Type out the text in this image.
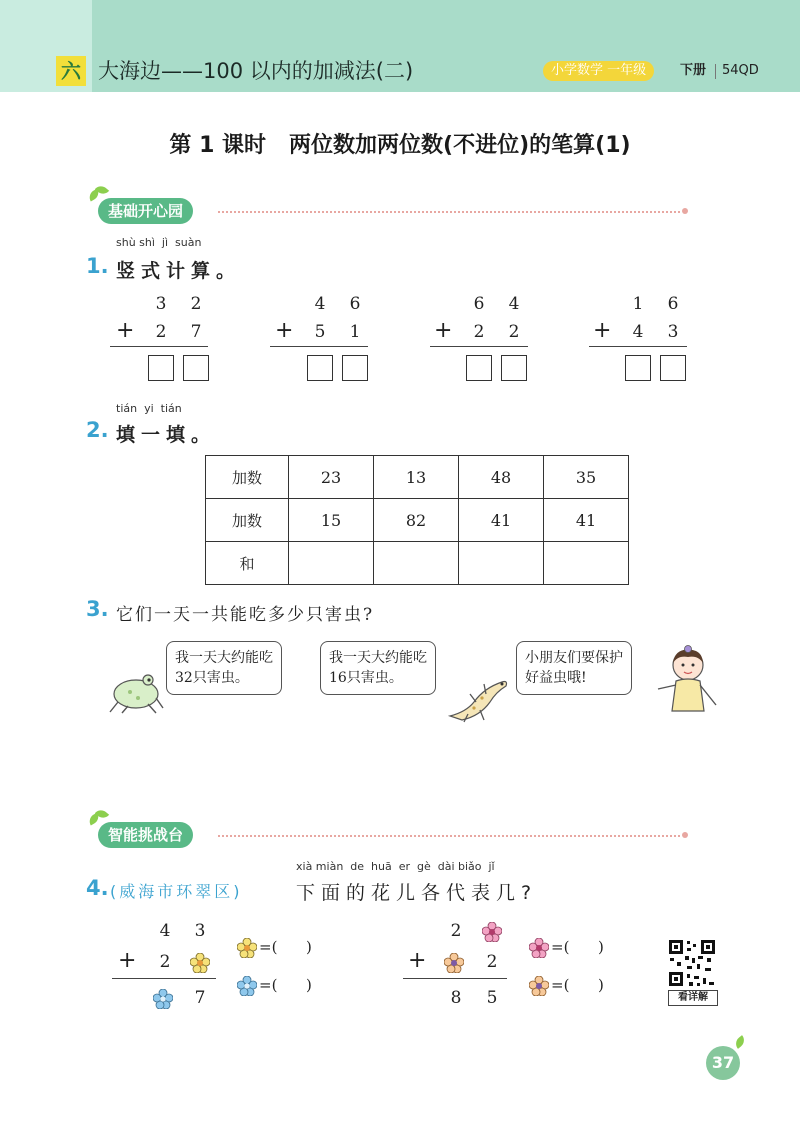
六 大海边——100 以内的加减法(二)	小学数学 一年级	下册 54QD
第 1 课时   两位数加两位数(不进位)的笔算(1)
基础开心园
shù shì  jì  suàn
1. 竖式计算。
3 2
+ 2 7
4 6
+ 5 1
6 4
+ 2 2
1 6
+ 4 3
tián  yi  tián
2. 填一填。
加数	23	13	48	35
加数	15	82	41	41
和				
3. 它们一天一共能吃多少只害虫?
我一天大约能吃
32只害虫。
我一天大约能吃
16只害虫。
小朋友们要保护
好益虫哦!
智能挑战台
xià miàn  de  huā  er  gè  dài biǎo  jǐ
4. (威海市环翠区)	下面的花儿各代表几?
4 3
+ 2
7
=(      )
=(      )
2
+	2
8 5
=(      )
=(      )
看详解
37
